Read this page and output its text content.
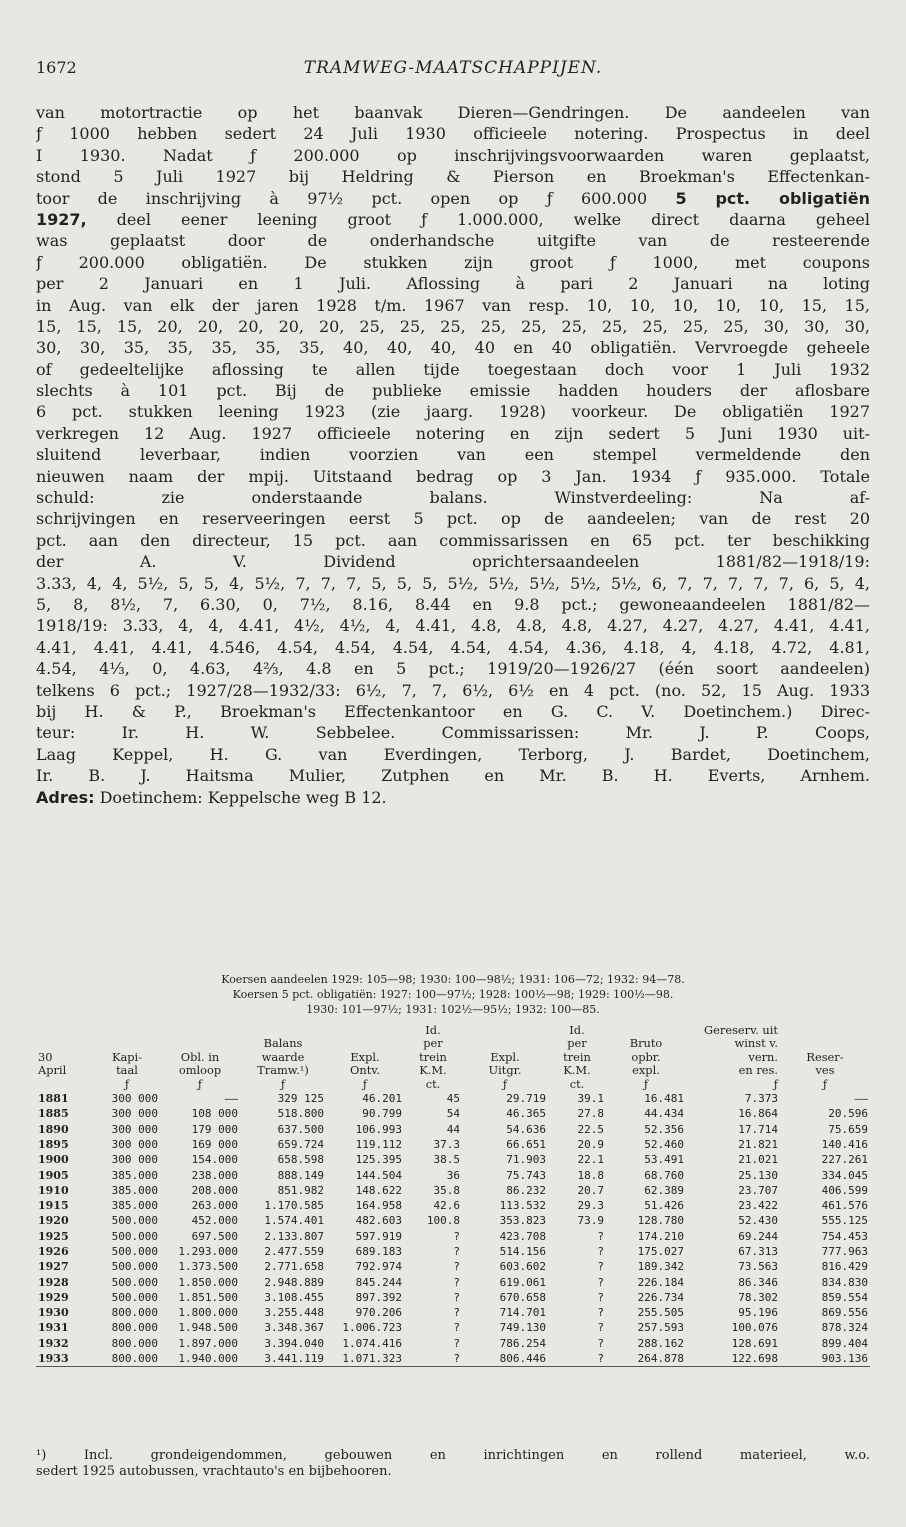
1672	TRAMWEG-MAATSCHAPPIJEN.
van motortractie op het baanvak Dieren—Gendringen. De aandeelen van
ƒ 1000 hebben sedert 24 Juli 1930 officieele notering. Prospectus in deel
I 1930. Nadat ƒ 200.000 op inschrijvingsvoorwaarden waren geplaatst,
stond 5 Juli 1927 bij Heldring & Pierson en Broekman's Effectenkan-
toor de inschrijving à 97½ pct. open op ƒ 600.000 5 pct. obligatiën
1927, deel eener leening groot ƒ 1.000.000, welke direct daarna geheel
was geplaatst door de onderhandsche uitgifte van de resteerende
ƒ 200.000 obligatiën. De stukken zijn groot ƒ 1000, met coupons
per 2 Januari en 1 Juli. Aflossing à pari 2 Januari na loting
in Aug. van elk der jaren 1928 t/m. 1967 van resp. 10, 10, 10, 10, 10, 15, 15,
15, 15, 15, 20, 20, 20, 20, 20, 25, 25, 25, 25, 25, 25, 25, 25, 25, 25, 30, 30, 30,
30, 30, 35, 35, 35, 35, 35, 40, 40, 40, 40 en 40 obligatiën. Vervroegde geheele
of gedeeltelijke aflossing te allen tijde toegestaan doch voor 1 Juli 1932
slechts à 101 pct. Bij de publieke emissie hadden houders der aflosbare
6 pct. stukken leening 1923 (zie jaarg. 1928) voorkeur. De obligatiën 1927
verkregen 12 Aug. 1927 officieele notering en zijn sedert 5 Juni 1930 uit-
sluitend leverbaar, indien voorzien van een stempel vermeldende den
nieuwen naam der mpij. Uitstaand bedrag op 3 Jan. 1934 ƒ 935.000. Totale
schuld: zie onderstaande balans. Winstverdeeling: Na af-
schrijvingen en reserveeringen eerst 5 pct. op de aandeelen; van de rest 20
pct. aan den directeur, 15 pct. aan commissarissen en 65 pct. ter beschikking
der A. V. Dividend oprichtersaandeelen 1881/82—1918/19:
3.33, 4, 4, 5½, 5, 5, 4, 5½, 7, 7, 7, 5, 5, 5, 5½, 5½, 5½, 5½, 5½, 6, 7, 7, 7, 7, 7, 6, 5, 4,
5, 8, 8½, 7, 6.30, 0, 7½, 8.16, 8.44 en 9.8 pct.; gewoneaandeelen 1881/82—
1918/19: 3.33, 4, 4, 4.41, 4½, 4½, 4, 4.41, 4.8, 4.8, 4.8, 4.27, 4.27, 4.27, 4.41, 4.41,
4.41, 4.41, 4.41, 4.546, 4.54, 4.54, 4.54, 4.54, 4.54, 4.36, 4.18, 4, 4.18, 4.72, 4.81,
4.54, 4⅓, 0, 4.63, 4⅔, 4.8 en 5 pct.; 1919/20—1926/27 (één soort aandeelen)
telkens 6 pct.; 1927/28—1932/33: 6½, 7, 7, 6½, 6½ en 4 pct. (no. 52, 15 Aug. 1933
bij H. & P., Broekman's Effectenkantoor en G. C. V. Doetinchem.) Direc-
teur: Ir. H. W. Sebbelee. Commissarissen: Mr. J. P. Coops,
Laag Keppel, H. G. van Everdingen, Terborg, J. Bardet, Doetinchem,
Ir. B. J. Haitsma Mulier, Zutphen en Mr. B. H. Everts, Arnhem.
Adres: Doetinchem: Keppelsche weg B 12.
Koersen aandeelen 1929: 105—98; 1930: 100—98½; 1931: 106—72; 1932: 94—78.
Koersen 5 pct. obligatiën: 1927: 100—97½; 1928: 100½—98; 1929: 100½—98.
1930: 101—97½; 1931: 102½—95½; 1932: 100—85.
					Id.		Id.		Gereserv. uit	
			Balans		per		per	Bruto	winst v.	
30	Kapi-	Obl. in	waarde	Expl.	trein	Expl.	trein	opbr.	vern.	Reser-
April	taal	omloop	Tramw.¹)	Ontv.	K.M.	Uitgr.	K.M.	expl.	en res.	ves
	ƒ	ƒ	ƒ	ƒ	ct.	ƒ	ct.	ƒ	ƒ	ƒ
1881	300 000	——	329 125	46.201	45	29.719	39.1	16.481	7.373	——
1885	300 000	108 000	518.800	90.799	54	46.365	27.8	44.434	16.864	20.596
1890	300 000	179 000	637.500	106.993	44	54.636	22.5	52.356	17.714	75.659
1895	300 000	169 000	659.724	119.112	37.3	66.651	20.9	52.460	21.821	140.416
1900	300 000	154.000	658.598	125.395	38.5	71.903	22.1	53.491	21.021	227.261
1905	385.000	238.000	888.149	144.504	36	75.743	18.8	68.760	25.130	334.045
1910	385.000	208.000	851.982	148.622	35.8	86.232	20.7	62.389	23.707	406.599
1915	385.000	263.000	1.170.585	164.958	42.6	113.532	29.3	51.426	23.422	461.576
1920	500.000	452.000	1.574.401	482.603	100.8	353.823	73.9	128.780	52.430	555.125
1925	500.000	697.500	2.133.807	597.919	?	423.708	?	174.210	69.244	754.453
1926	500.000	1.293.000	2.477.559	689.183	?	514.156	?	175.027	67.313	777.963
1927	500.000	1.373.500	2.771.658	792.974	?	603.602	?	189.342	73.563	816.429
1928	500.000	1.850.000	2.948.889	845.244	?	619.061	?	226.184	86.346	834.830
1929	500.000	1.851.500	3.108.455	897.392	?	670.658	?	226.734	78.302	859.554
1930	800.000	1.800.000	3.255.448	970.206	?	714.701	?	255.505	95.196	869.556
1931	800.000	1.948.500	3.348.367	1.006.723	?	749.130	?	257.593	100.076	878.324
1932	800.000	1.897.000	3.394.040	1.074.416	?	786.254	?	288.162	128.691	899.404
1933	800.000	1.940.000	3.441.119	1.071.323	?	806.446	?	264.878	122.698	903.136
¹) Incl. grondeigendommen, gebouwen en inrichtingen en rollend materieel, w.o.
sedert 1925 autobussen, vrachtauto's en bijbehooren.
